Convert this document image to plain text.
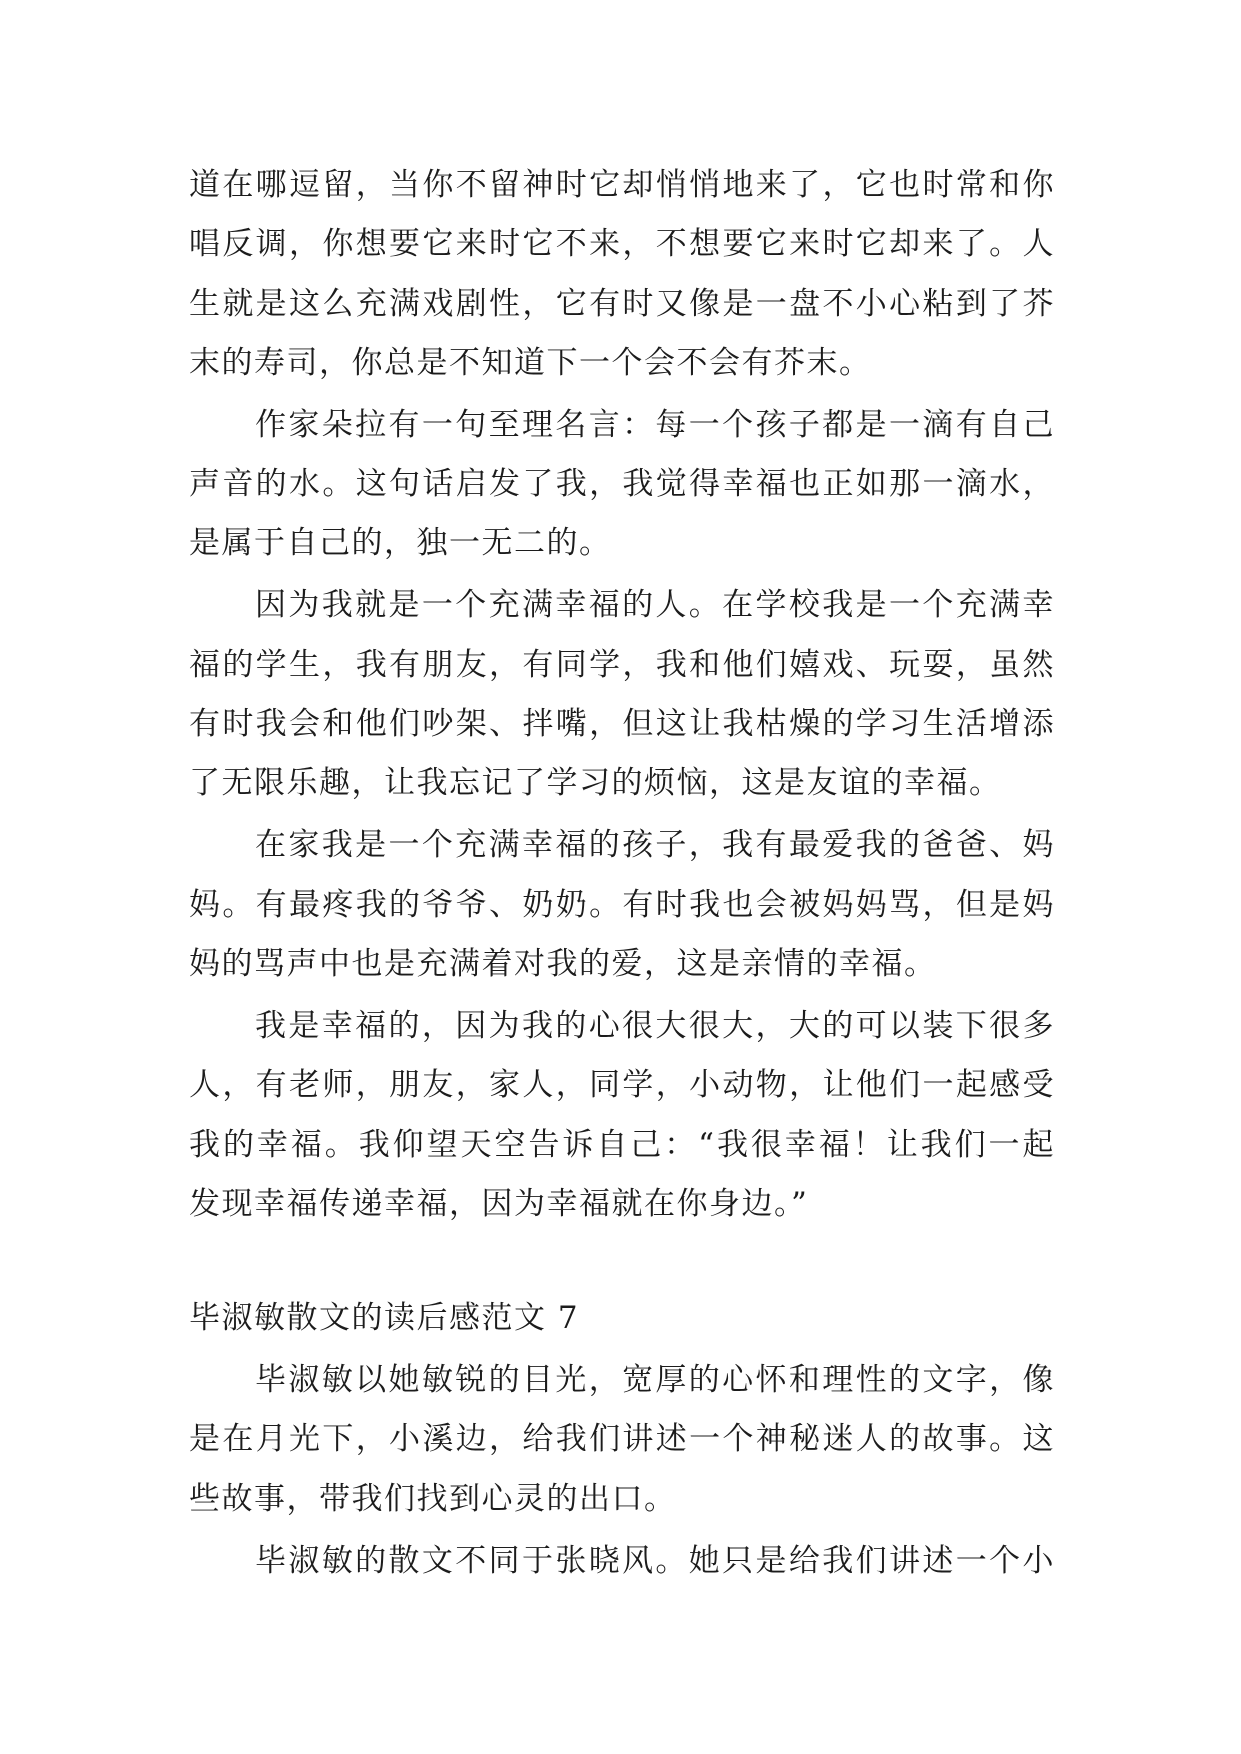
道在哪逗留，当你不留神时它却悄悄地来了，它也时常和你
唱反调，你想要它来时它不来，不想要它来时它却来了。人
生就是这么充满戏剧性，它有时又像是一盘不小心粘到了芥
末的寿司，你总是不知道下一个会不会有芥末。
作家朵拉有一句至理名言：每一个孩子都是一滴有自己
声音的水。这句话启发了我，我觉得幸福也正如那一滴水，
是属于自己的，独一无二的。
因为我就是一个充满幸福的人。在学校我是一个充满幸
福的学生，我有朋友，有同学，我和他们嬉戏、玩耍，虽然
有时我会和他们吵架、拌嘴，但这让我枯燥的学习生活增添
了无限乐趣，让我忘记了学习的烦恼，这是友谊的幸福。
在家我是一个充满幸福的孩子，我有最爱我的爸爸、妈
妈。有最疼我的爷爷、奶奶。有时我也会被妈妈骂，但是妈
妈的骂声中也是充满着对我的爱，这是亲情的幸福。
我是幸福的，因为我的心很大很大，大的可以装下很多
人，有老师，朋友，家人，同学，小动物，让他们一起感受
我的幸福。我仰望天空告诉自己：“我很幸福！让我们一起
发现幸福传递幸福，因为幸福就在你身边。”
毕淑敏散文的读后感范文 7
毕淑敏以她敏锐的目光，宽厚的心怀和理性的文字，像
是在月光下，小溪边，给我们讲述一个神秘迷人的故事。这
些故事，带我们找到心灵的出口。
毕淑敏的散文不同于张晓风。她只是给我们讲述一个小
